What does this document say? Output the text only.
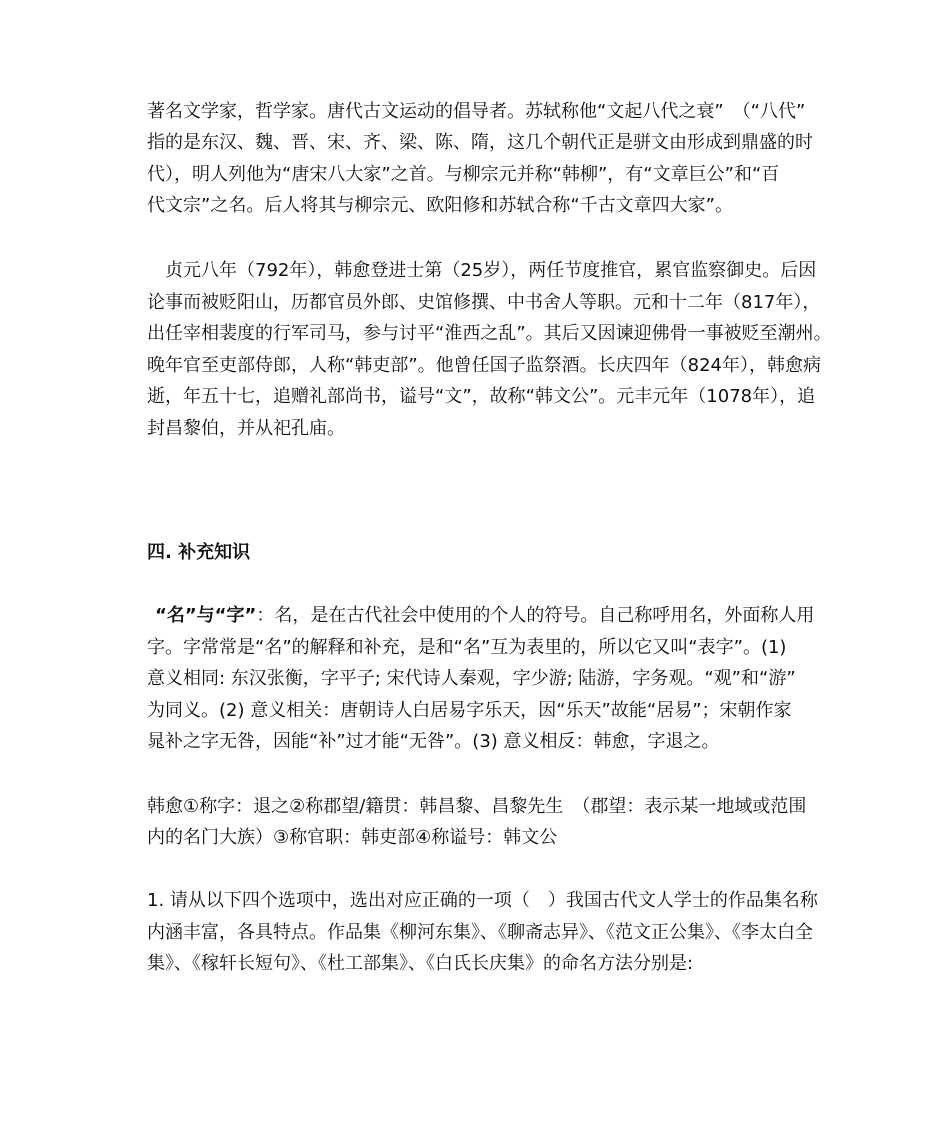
著名文学家，哲学家。唐代古文运动的倡导者。苏轼称他“文起八代之衰”　（“八代”
指的是东汉、魏、晋、宋、齐、梁、陈、隋，这几个朝代正是骈文由形成到鼎盛的时
代），明人列他为“唐宋八大家”之首。与柳宗元并称“韩柳”，有“文章巨公”和“百
代文宗”之名。后人将其与柳宗元、欧阳修和苏轼合称“千古文章四大家”。
贞元八年（792年），韩愈登进士第（25岁），两任节度推官，累官监察御史。后因
论事而被贬阳山，历都官员外郎、史馆修撰、中书舍人等职。元和十二年（817年），
出任宰相裴度的行军司马，参与讨平“淮西之乱”。其后又因谏迎佛骨一事被贬至潮州。
晚年官至吏部侍郎，人称“韩吏部”。他曾任国子监祭酒。长庆四年（824年），韩愈病
逝，年五十七，追赠礼部尚书，谥号“文”，故称“韩文公”。元丰元年（1078年），追
封昌黎伯，并从祀孔庙。
四. 补充知识
“名”与“字”：名，是在古代社会中使用的个人的符号。自己称呼用名，外面称人用
字。字常常是“名”的解释和补充，是和“名”互为表里的，所以它又叫“表字”。(1)
意义相同: 东汉张衡，字平子; 宋代诗人秦观，字少游; 陆游，字务观。“观”和“游”
为同义。(2) 意义相关：唐朝诗人白居易字乐天，因“乐天”故能“居易”；宋朝作家
晁补之字无咎，因能“补”过才能“无咎”。(3) 意义相反：韩愈，字退之。
韩愈①称字：退之②称郡望/籍贯：韩昌黎、昌黎先生　（郡望：表示某一地域或范围
内的名门大族）③称官职：韩吏部④称谥号：韩文公
1. 请从以下四个选项中，选出对应正确的一项（　）我国古代文人学士的作品集名称
内涵丰富，各具特点。作品集《柳河东集》、《聊斋志异》、《范文正公集》、《李太白全
集》、《稼轩长短句》、《杜工部集》、《白氏长庆集》的命名方法分别是:
